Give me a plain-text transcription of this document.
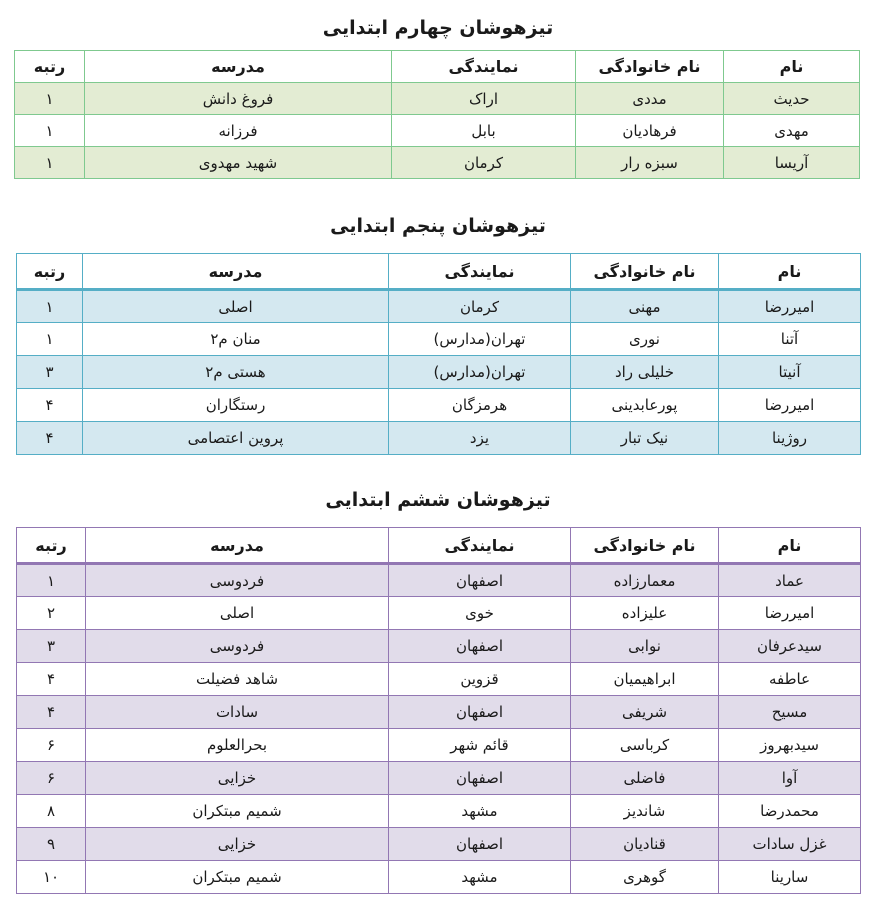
تیزهوشان چهارم ابتدایی
نام	نام خانوادگی	نمایندگی	مدرسه	رتبه
حدیث	مددی	اراک	فروغ دانش	۱
مهدی	فرهادیان	بابل	فرزانه	۱
آریسا	سبزه رار	کرمان	شهید مهدوی	۱
تیزهوشان پنجم ابتدایی
نام	نام خانوادگی	نمایندگی	مدرسه	رتبه
امیررضا	مهنی	کرمان	اصلی	۱
آتنا	نوری	تهران(مدارس)	منان م۲	۱
آنیتا	خلیلی راد	تهران(مدارس)	هستی م۲	۳
امیررضا	پورعابدینی	هرمزگان	رستگاران	۴
روژینا	نیک تبار	یزد	پروین اعتصامی	۴
تیزهوشان ششم ابتدایی
نام	نام خانوادگی	نمایندگی	مدرسه	رتبه
عماد	معمارزاده	اصفهان	فردوسی	۱
امیررضا	علیزاده	خوی	اصلی	۲
سیدعرفان	نوابی	اصفهان	فردوسی	۳
عاطفه	ابراهیمیان	قزوین	شاهد فضیلت	۴
مسیح	شریفی	اصفهان	سادات	۴
سیدبهروز	کرباسی	قائم شهر	بحرالعلوم	۶
آوا	فاضلی	اصفهان	خزایی	۶
محمدرضا	شاندیز	مشهد	شمیم مبتکران	۸
غزل سادات	قنادیان	اصفهان	خزایی	۹
سارینا	گوهری	مشهد	شمیم مبتکران	۱۰
